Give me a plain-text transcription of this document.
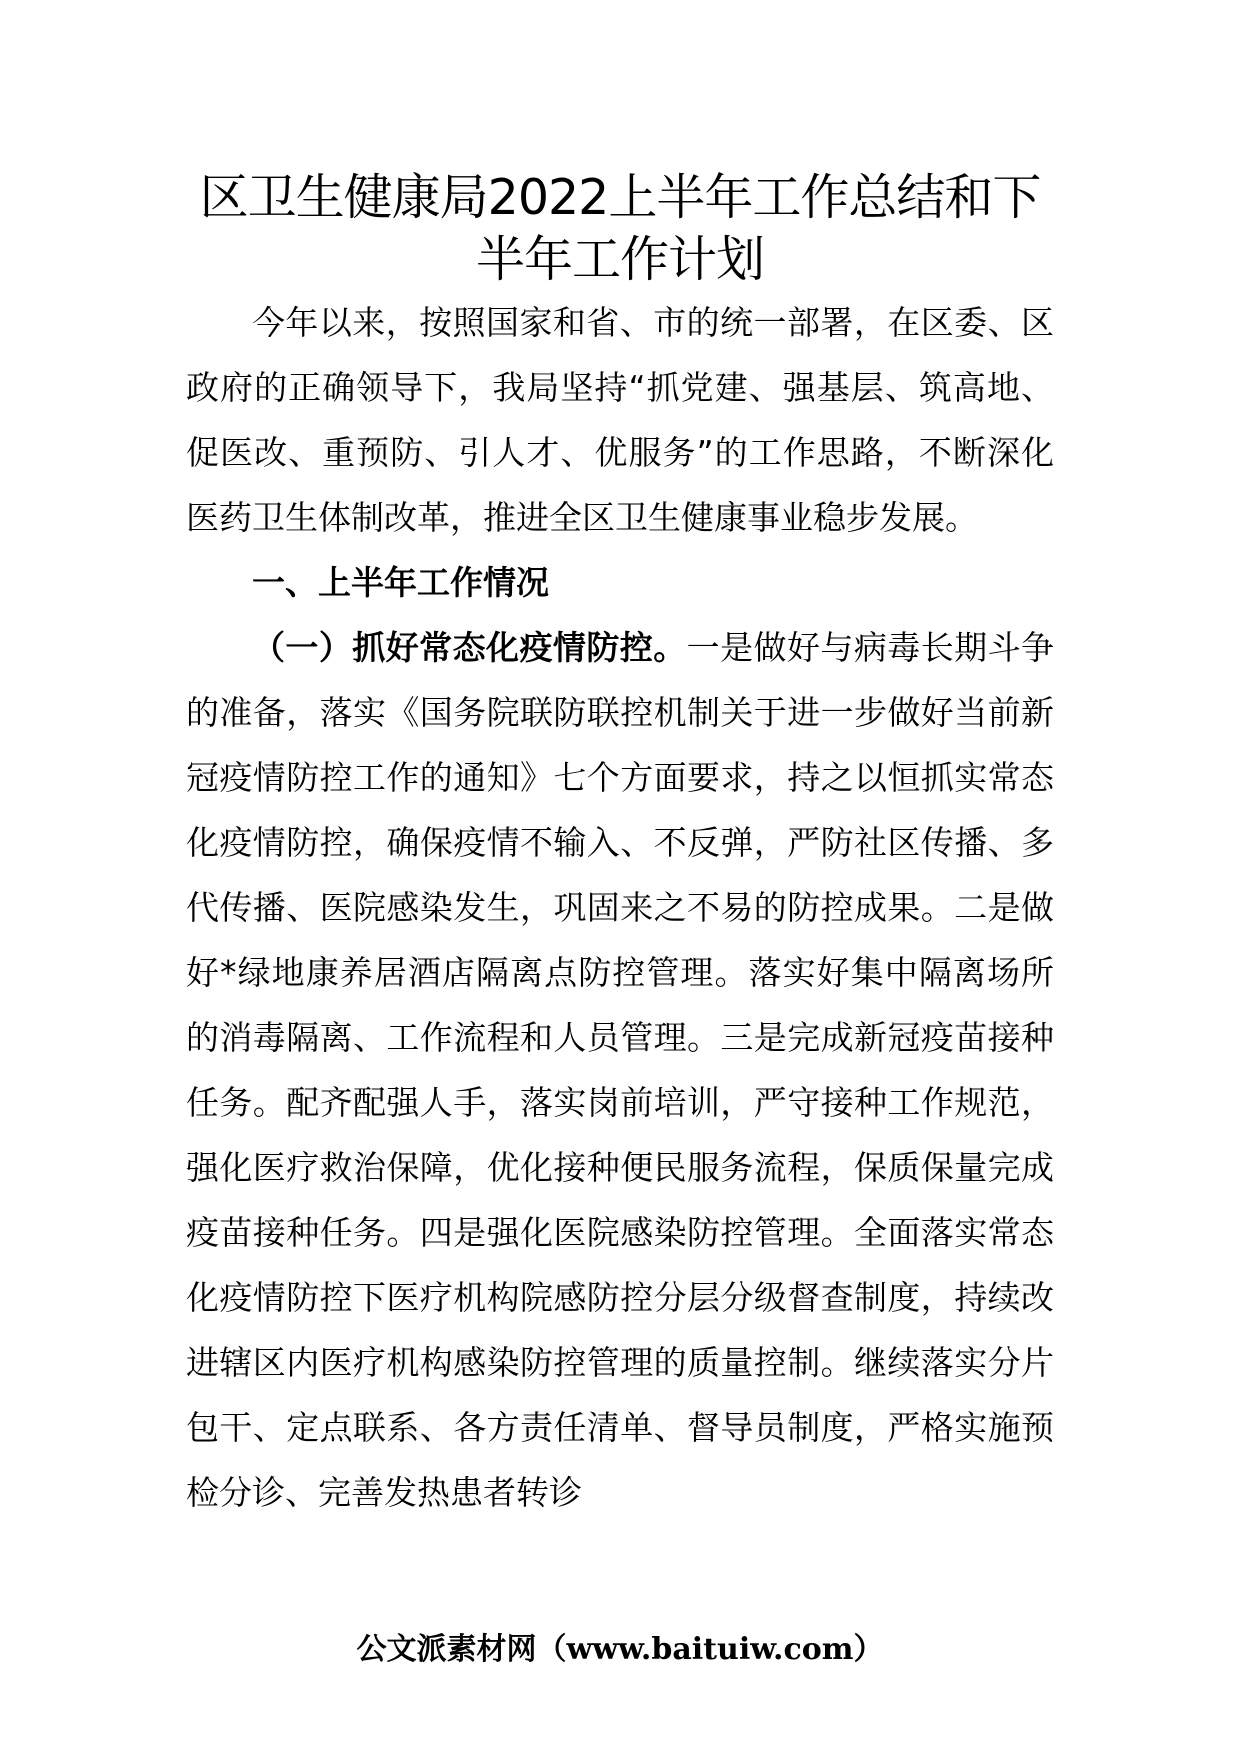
区卫生健康局2022上半年工作总结和下
半年工作计划

今年以来，按照国家和省、市的统一部署，在区委、区政府的正确领导下，我局坚持“抓党建、强基层、筑高地、促医改、重预防、引人才、优服务”的工作思路，不断深化医药卫生体制改革，推进全区卫生健康事业稳步发展。

一、上半年工作情况

（一）抓好常态化疫情防控。一是做好与病毒长期斗争的准备，落实《国务院联防联控机制关于进一步做好当前新冠疫情防控工作的通知》七个方面要求，持之以恒抓实常态化疫情防控，确保疫情不输入、不反弹，严防社区传播、多代传播、医院感染发生，巩固来之不易的防控成果。二是做好*绿地康养居酒店隔离点防控管理。落实好集中隔离场所的消毒隔离、工作流程和人员管理。三是完成新冠疫苗接种任务。配齐配强人手，落实岗前培训，严守接种工作规范，强化医疗救治保障，优化接种便民服务流程，保质保量完成疫苗接种任务。四是强化医院感染防控管理。全面落实常态化疫情防控下医疗机构院感防控分层分级督查制度，持续改进辖区内医疗机构感染防控管理的质量控制。继续落实分片包干、定点联系、各方责任清单、督导员制度，严格实施预检分诊、完善发热患者转诊

公文派素材网（www.baituiw.com）
